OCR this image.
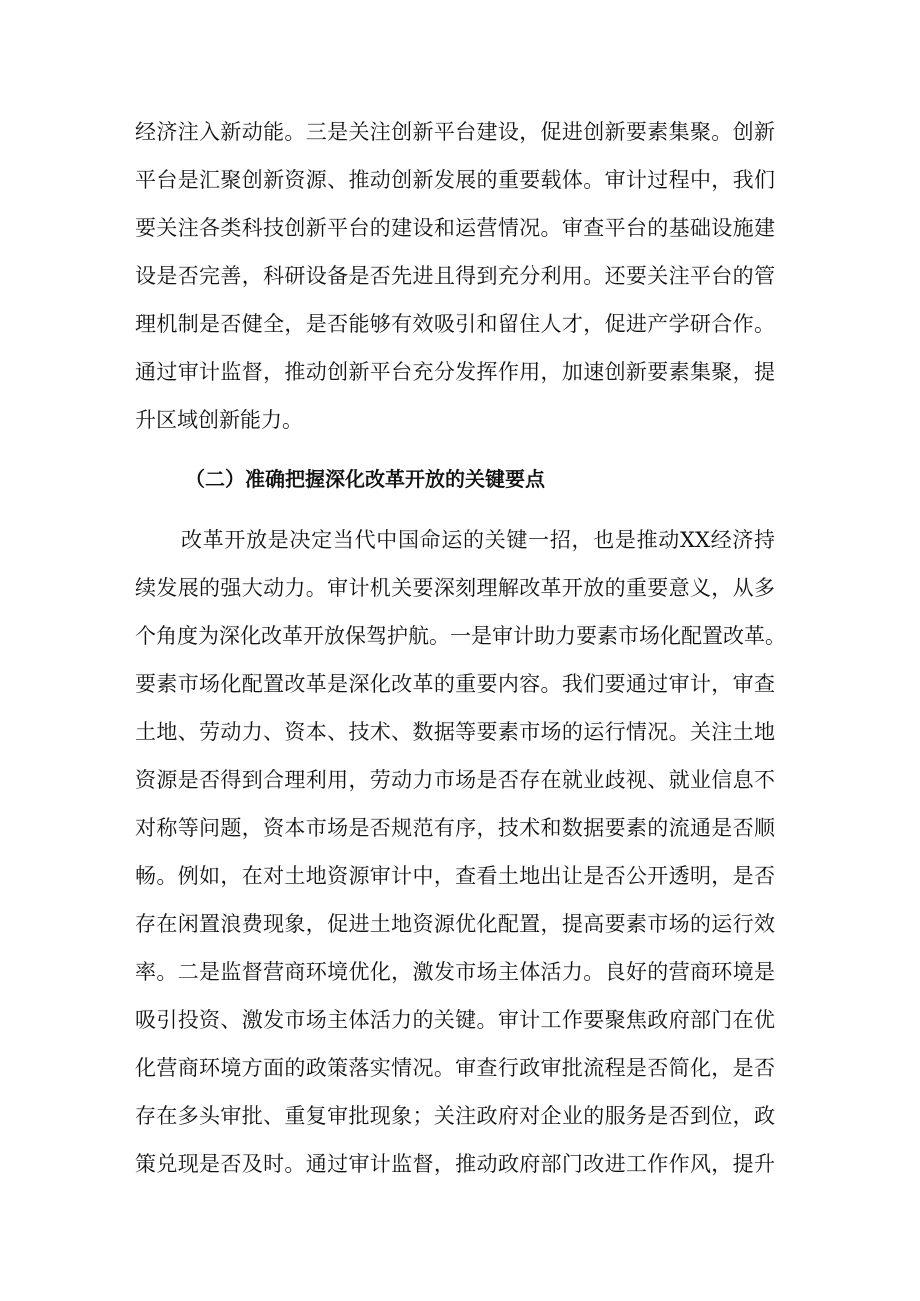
经济注入新动能。三是关注创新平台建设，促进创新要素集聚。创新
平台是汇聚创新资源、推动创新发展的重要载体。审计过程中，我们
要关注各类科技创新平台的建设和运营情况。审查平台的基础设施建
设是否完善，科研设备是否先进且得到充分利用。还要关注平台的管
理机制是否健全，是否能够有效吸引和留住人才，促进产学研合作。
通过审计监督，推动创新平台充分发挥作用，加速创新要素集聚，提
升区域创新能力。
（二）准确把握深化改革开放的关键要点
改革开放是决定当代中国命运的关键一招，也是推动XX经济持
续发展的强大动力。审计机关要深刻理解改革开放的重要意义，从多
个角度为深化改革开放保驾护航。一是审计助力要素市场化配置改革。
要素市场化配置改革是深化改革的重要内容。我们要通过审计，审查
土地、劳动力、资本、技术、数据等要素市场的运行情况。关注土地
资源是否得到合理利用，劳动力市场是否存在就业歧视、就业信息不
对称等问题，资本市场是否规范有序，技术和数据要素的流通是否顺
畅。例如，在对土地资源审计中，查看土地出让是否公开透明，是否
存在闲置浪费现象，促进土地资源优化配置，提高要素市场的运行效
率。二是监督营商环境优化，激发市场主体活力。良好的营商环境是
吸引投资、激发市场主体活力的关键。审计工作要聚焦政府部门在优
化营商环境方面的政策落实情况。审查行政审批流程是否简化，是否
存在多头审批、重复审批现象；关注政府对企业的服务是否到位，政
策兑现是否及时。通过审计监督，推动政府部门改进工作作风，提升
